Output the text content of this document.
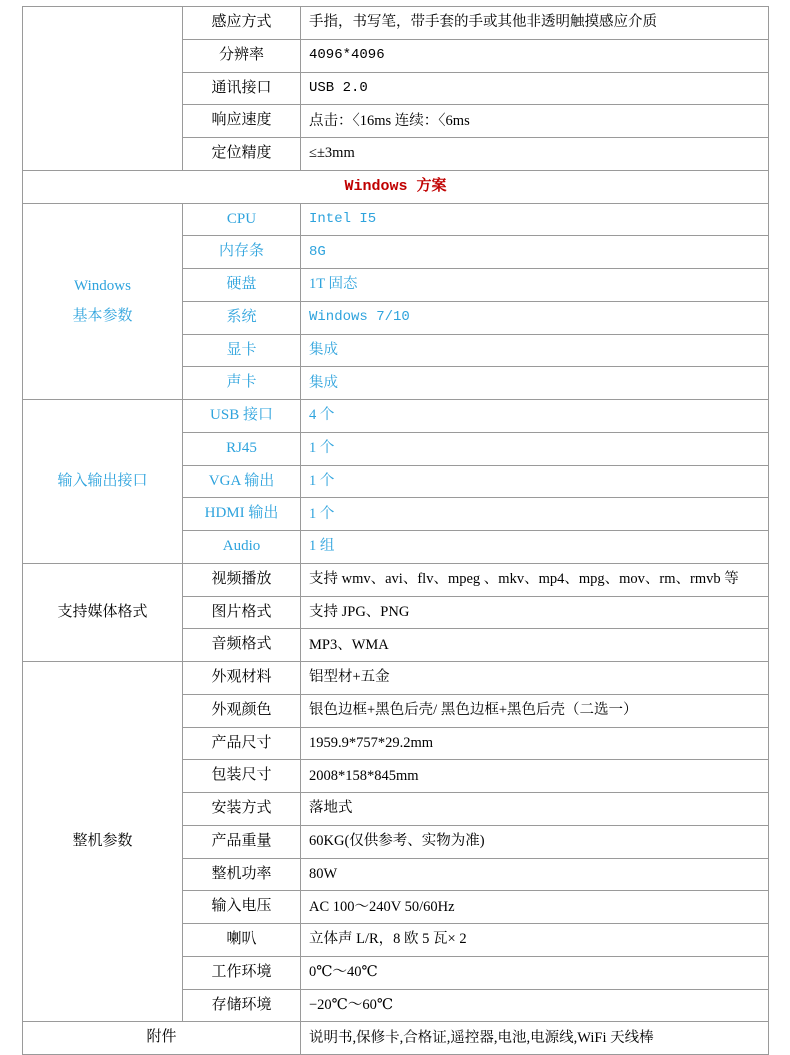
	感应方式	手指，书写笔，带手套的手或其他非透明触摸感应介质
	分辨率	4096*4096
	通讯接口	USB 2.0
	响应速度	点击：〈16ms 连续：〈6ms
	定位精度	≤±3mm
Windows 方案		

Windows
基本参数	CPU	Intel I5
	内存条	8G
	硬盘	1T 固态
	系统	Windows 7/10
	显卡	集成
	声卡	集成
输入输出接口	USB 接口	4 个
	RJ45	1 个
	VGA 输出	1 个
	HDMI 输出	1 个
	Audio	1 组
支持媒体格式	视频播放	支持 wmv、avi、flv、mpeg 、mkv、mp4、mpg、mov、rm、rmvb 等
	图片格式	支持 JPG、PNG
	音频格式	MP3、WMA
整机参数	外观材料	铝型材+五金
	外观颜色	银色边框+黑色后壳/ 黑色边框+黑色后壳（二选一）
	产品尺寸	1959.9*757*29.2mm
	包装尺寸	2008*158*845mm
	安装方式	落地式
	产品重量	60KG(仅供参考、实物为准)
	整机功率	80W
	输入电压	AC 100～240V 50/60Hz
	喇叭	立体声 L/R，8 欧 5 瓦× 2
	工作环境	0℃～40℃
	存储环境	−20℃～60℃
附件		说明书,保修卡,合格证,遥控器,电池,电源线,WiFi 天线棒
